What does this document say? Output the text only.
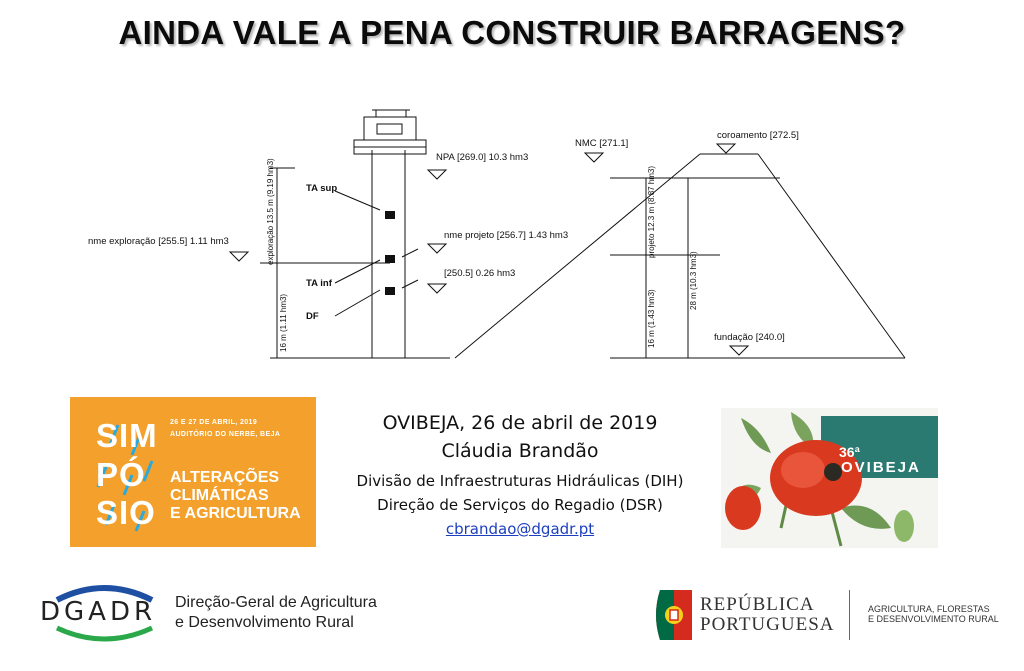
AINDA VALE A PENA CONSTRUIR BARRAGENS?
NPA [269.0] 10.3 hm3
NMC [271.1]
coroamento [272.5]
TA sup
TA inf
DF
nme exploração [255.5] 1.11 hm3
nme projeto [256.7] 1.43 hm3
[250.5] 0.26 hm3
fundação [240.0]
exploração 13.5 m (9.19 hm3)
16 m (1.11 hm3)
projeto 12.3 m (8.87 hm3)
16 m (1.43 hm3)
28 m (10.3 hm3)
SIM
PÓ
SIO
26 E 27 DE ABRIL, 2019
AUDITÓRIO DO NERBE, BEJA
ALTERAÇÕES
CLIMÁTICAS
E AGRICULTURA
OVIBEJA, 26 de abril de 2019
Cláudia Brandão
Divisão de Infraestruturas Hidráulicas (DIH)
Direção de Serviços do Regadio (DSR)
cbrandao@dgadr.pt
36ª
OVIBEJA
DGADR Direção-Geral de Agricultura
e Desenvolvimento Rural
REPÚBLICA
PORTUGUESA
AGRICULTURA, FLORESTAS
E DESENVOLVIMENTO RURAL
